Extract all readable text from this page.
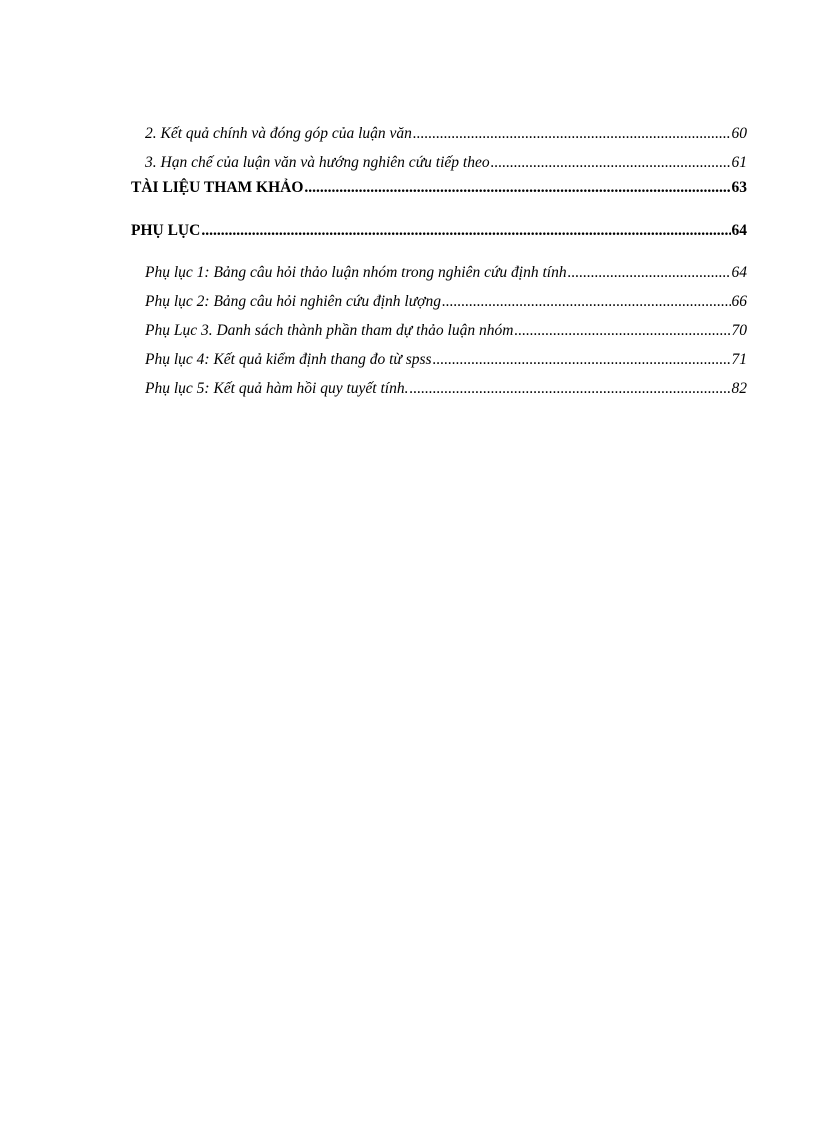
2. Kết quả chính và đóng góp của luận văn .....	60
3. Hạn chế của luận văn và hướng nghiên cứu tiếp theo .....	61
TÀI LIỆU THAM KHẢO .....	63
PHỤ LỤC .....	64
Phụ lục 1: Bảng câu hỏi thảo luận nhóm trong nghiên cứu định tính .....	64
Phụ lục 2: Bảng câu hỏi nghiên cứu định lượng .....	66
Phụ Lục 3. Danh sách thành phần tham dự thảo luận nhóm .....	70
Phụ lục 4: Kết quả kiểm định thang đo từ spss .....	71
Phụ lục 5: Kết quả hàm hồi quy tuyết tính. .....	82
